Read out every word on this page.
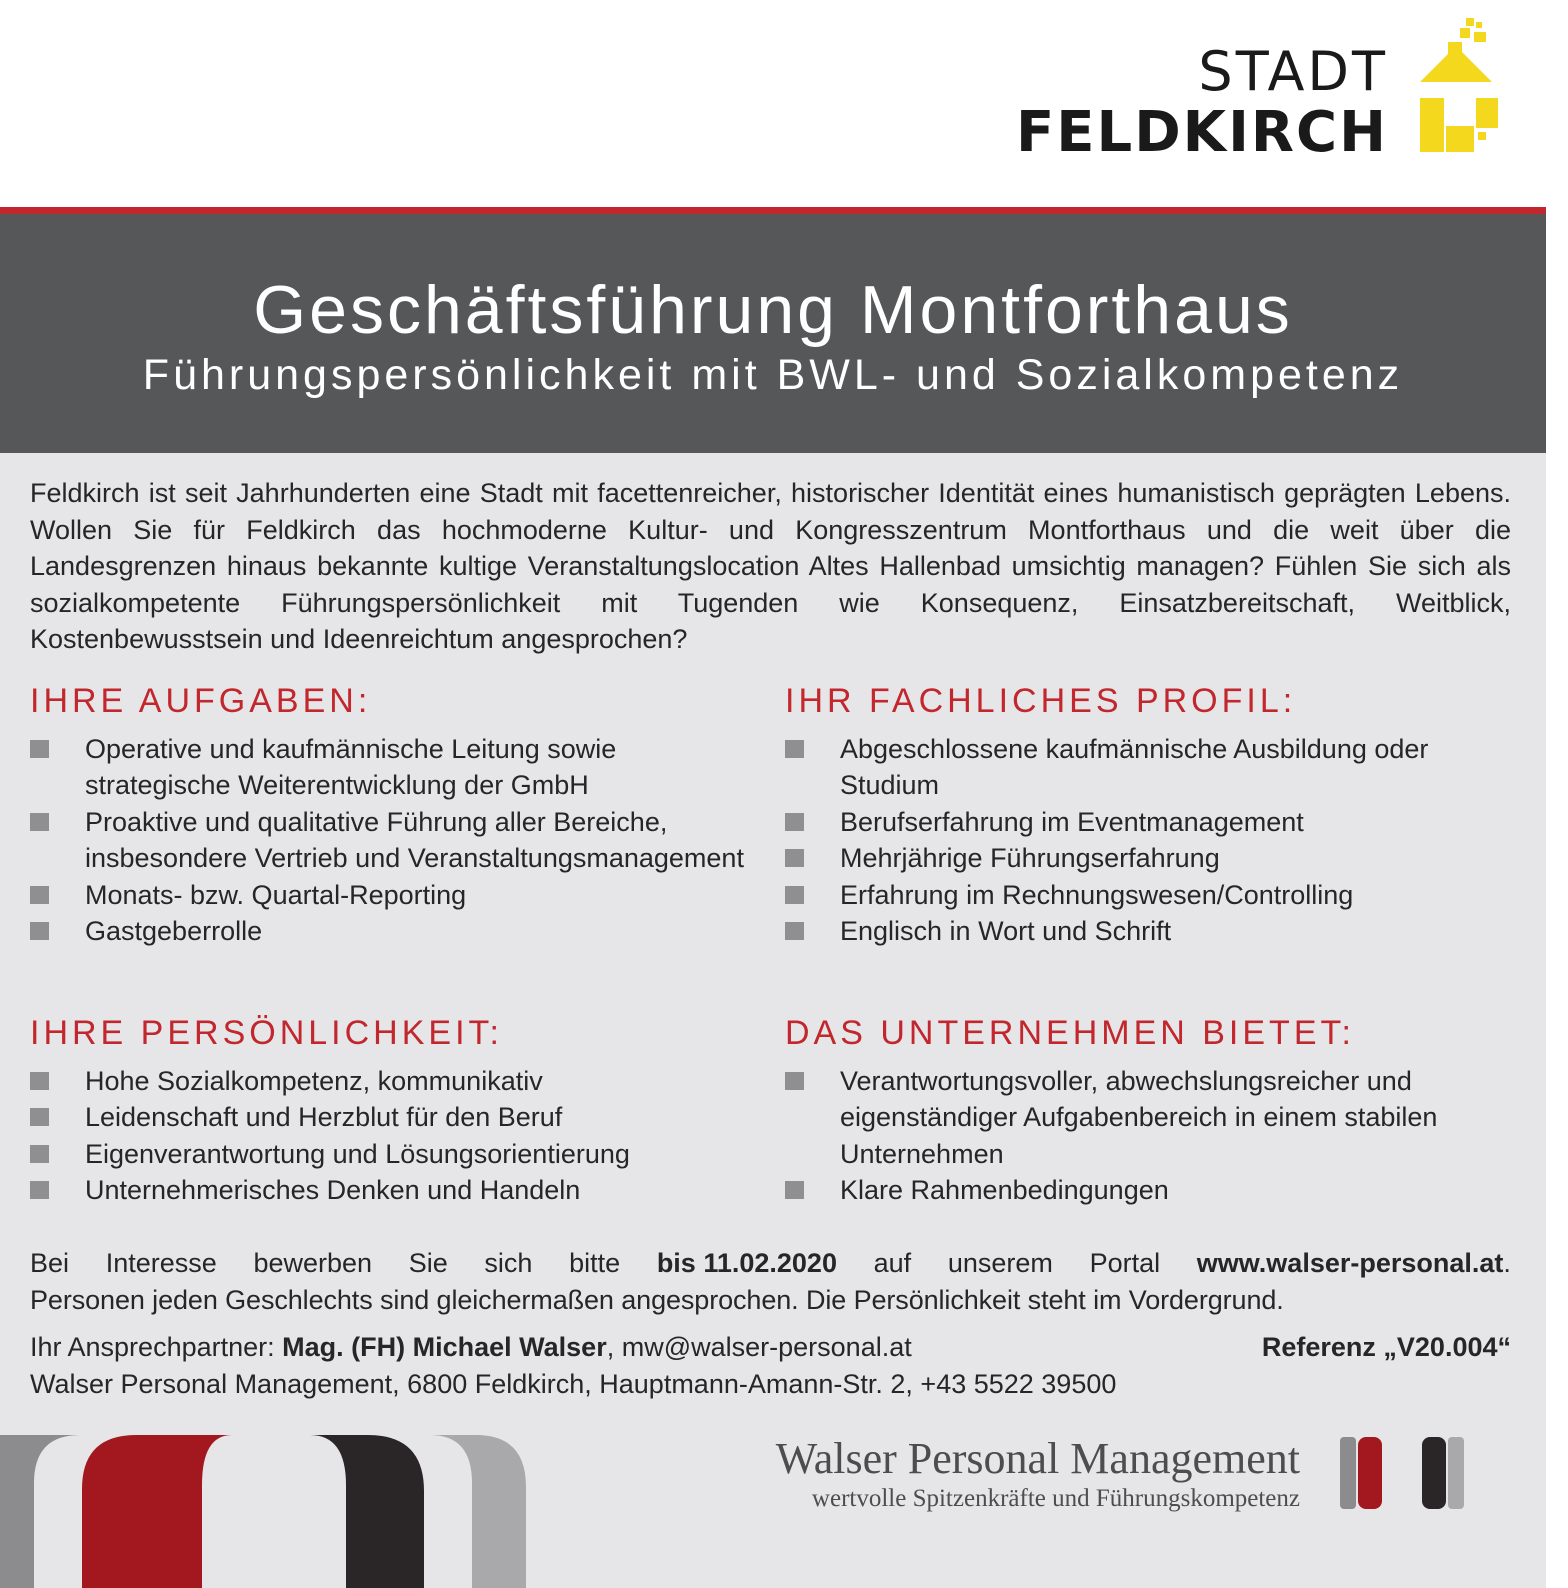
STADT
FELDKIRCH
Geschäftsführung Montforthaus
Führungspersönlichkeit mit BWL- und Sozialkompetenz

Feldkirch ist seit Jahrhunderten eine Stadt mit facettenreicher, historischer Identität eines humanistisch geprägten Lebens. Wollen Sie für Feldkirch das hochmoderne Kultur- und Kongresszentrum Montforthaus und die weit über die Landesgrenzen hinaus bekannte kultige Veranstaltungslocation Altes Hallenbad umsichtig managen? Fühlen Sie sich als sozialkompetente Führungspersönlichkeit mit Tugenden wie Konsequenz, Einsatzbereitschaft, Weitblick, Kostenbewusstsein und Ideenreichtum angesprochen?

IHRE AUFGABEN:
Operative und kaufmännische Leitung sowie strategische Weiterentwicklung der GmbH
Proaktive und qualitative Führung aller Bereiche, insbesondere Vertrieb und Veranstaltungsmanagement
Monats- bzw. Quartal-Reporting
Gastgeberrolle
IHR FACHLICHES PROFIL:
Abgeschlossene kaufmännische Ausbildung oder Studium
Berufserfahrung im Eventmanagement
Mehrjährige Führungserfahrung
Erfahrung im Rechnungswesen/Controlling
Englisch in Wort und Schrift
IHRE PERSÖNLICHKEIT:
Hohe Sozialkompetenz, kommunikativ
Leidenschaft und Herzblut für den Beruf
Eigenverantwortung und Lösungsorientierung
Unternehmerisches Denken und Handeln
DAS UNTERNEHMEN BIETET:
Verantwortungsvoller, abwechslungsreicher und eigenständiger Aufgabenbereich in einem stabilen Unternehmen
Klare Rahmenbedingungen
Bei Interesse bewerben Sie sich bitte bis 11.02.2020 auf unserem Portal www.walser-personal.at.
Personen jeden Geschlechts sind gleichermaßen angesprochen. Die Persönlichkeit steht im Vordergrund.
Ihr Ansprechpartner: Mag. (FH) Michael Walser, mw@walser-personal.at	Referenz „V20.004“
Walser Personal Management, 6800 Feldkirch, Hauptmann-Amann-Str. 2, +43 5522 39500
Walser Personal Management
wertvolle Spitzenkräfte und Führungskompetenz
